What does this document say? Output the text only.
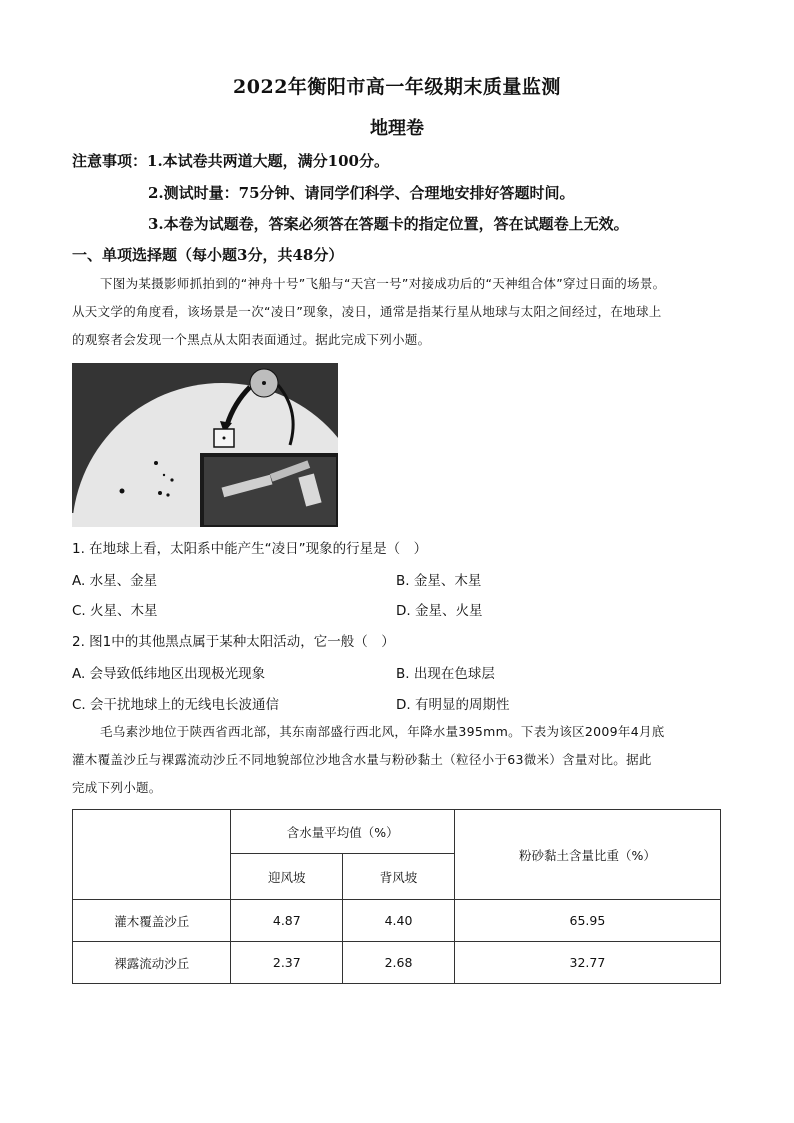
2022年衡阳市高一年级期末质量监测
地理卷
注意事项：1.本试卷共两道大题，满分100分。
2.测试时量：75分钟、请同学们科学、合理地安排好答题时间。
3.本卷为试题卷，答案必须答在答题卡的指定位置，答在试题卷上无效。
一、单项选择题（每小题3分，共48分）
下图为某摄影师抓拍到的“神舟十号”飞船与“天宫一号”对接成功后的“天神组合体”穿过日面的场景。
从天文学的角度看，该场景是一次“凌日”现象，凌日，通常是指某行星从地球与太阳之间经过，在地球上
的观察者会发现一个黑点从太阳表面通过。据此完成下列小题。
1. 在地球上看，太阳系中能产生“凌日”现象的行星是（　）
A. 水星、金星	B. 金星、木星
C. 火星、木星	D. 金星、火星
2. 图1中的其他黑点属于某种太阳活动，它一般（　）
A. 会导致低纬地区出现极光现象	B. 出现在色球层
C. 会干扰地球上的无线电长波通信	D. 有明显的周期性
毛乌素沙地位于陕西省西北部，其东南部盛行西北风，年降水量395mm。下表为该区2009年4月底
灌木覆盖沙丘与裸露流动沙丘不同地貌部位沙地含水量与粉砂黏土（粒径小于63微米）含量对比。据此
完成下列小题。
	含水量平均值（%）		粉砂黏土含量比重（%）
	迎风坡	背风坡	
灌木覆盖沙丘	4.87	4.40	65.95
裸露流动沙丘	2.37	2.68	32.77
